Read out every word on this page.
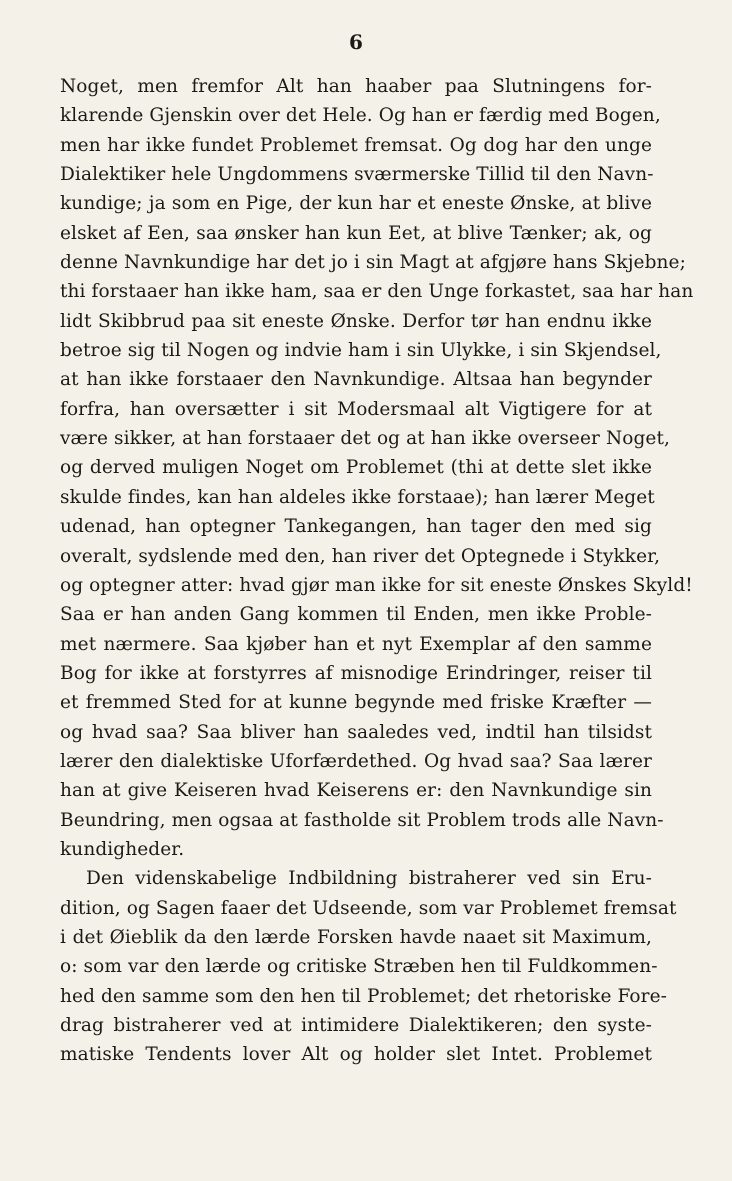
6
Noget, men fremfor Alt han haaber paa Slutningens for-
klarende Gjenskin over det Hele. Og han er færdig med Bogen,
men har ikke fundet Problemet fremsat. Og dog har den unge
Dialektiker hele Ungdommens sværmerske Tillid til den Navn-
kundige; ja som en Pige, der kun har et eneste Ønske, at blive
elsket af Een, saa ønsker han kun Eet, at blive Tænker; ak, og
denne Navnkundige har det jo i sin Magt at afgjøre hans Skjebne;
thi forstaaer han ikke ham, saa er den Unge forkastet, saa har han
lidt Skibbrud paa sit eneste Ønske. Derfor tør han endnu ikke
betroe sig til Nogen og indvie ham i sin Ulykke, i sin Skjendsel,
at han ikke forstaaer den Navnkundige. Altsaa han begynder
forfra, han oversætter i sit Modersmaal alt Vigtigere for at
være sikker, at han forstaaer det og at han ikke overseer Noget,
og derved muligen Noget om Problemet (thi at dette slet ikke
skulde findes, kan han aldeles ikke forstaae); han lærer Meget
udenad, han optegner Tankegangen, han tager den med sig
overalt, sydslende med den, han river det Optegnede i Stykker,
og optegner atter: hvad gjør man ikke for sit eneste Ønskes Skyld!
Saa er han anden Gang kommen til Enden, men ikke Proble-
met nærmere. Saa kjøber han et nyt Exemplar af den samme
Bog for ikke at forstyrres af misnodige Erindringer, reiser til
et fremmed Sted for at kunne begynde med friske Kræfter —
og hvad saa? Saa bliver han saaledes ved, indtil han tilsidst
lærer den dialektiske Uforfærdethed. Og hvad saa? Saa lærer
han at give Keiseren hvad Keiserens er: den Navnkundige sin
Beundring, men ogsaa at fastholde sit Problem trods alle Navn-
kundigheder.
Den videnskabelige Indbildning bistraherer ved sin Eru-
dition, og Sagen faaer det Udseende, som var Problemet fremsat
i det Øieblik da den lærde Forsken havde naaet sit Maximum,
o: som var den lærde og critiske Stræben hen til Fuldkommen-
hed den samme som den hen til Problemet; det rhetoriske Fore-
drag bistraherer ved at intimidere Dialektikeren; den syste-
matiske Tendents lover Alt og holder slet Intet. Problemet
